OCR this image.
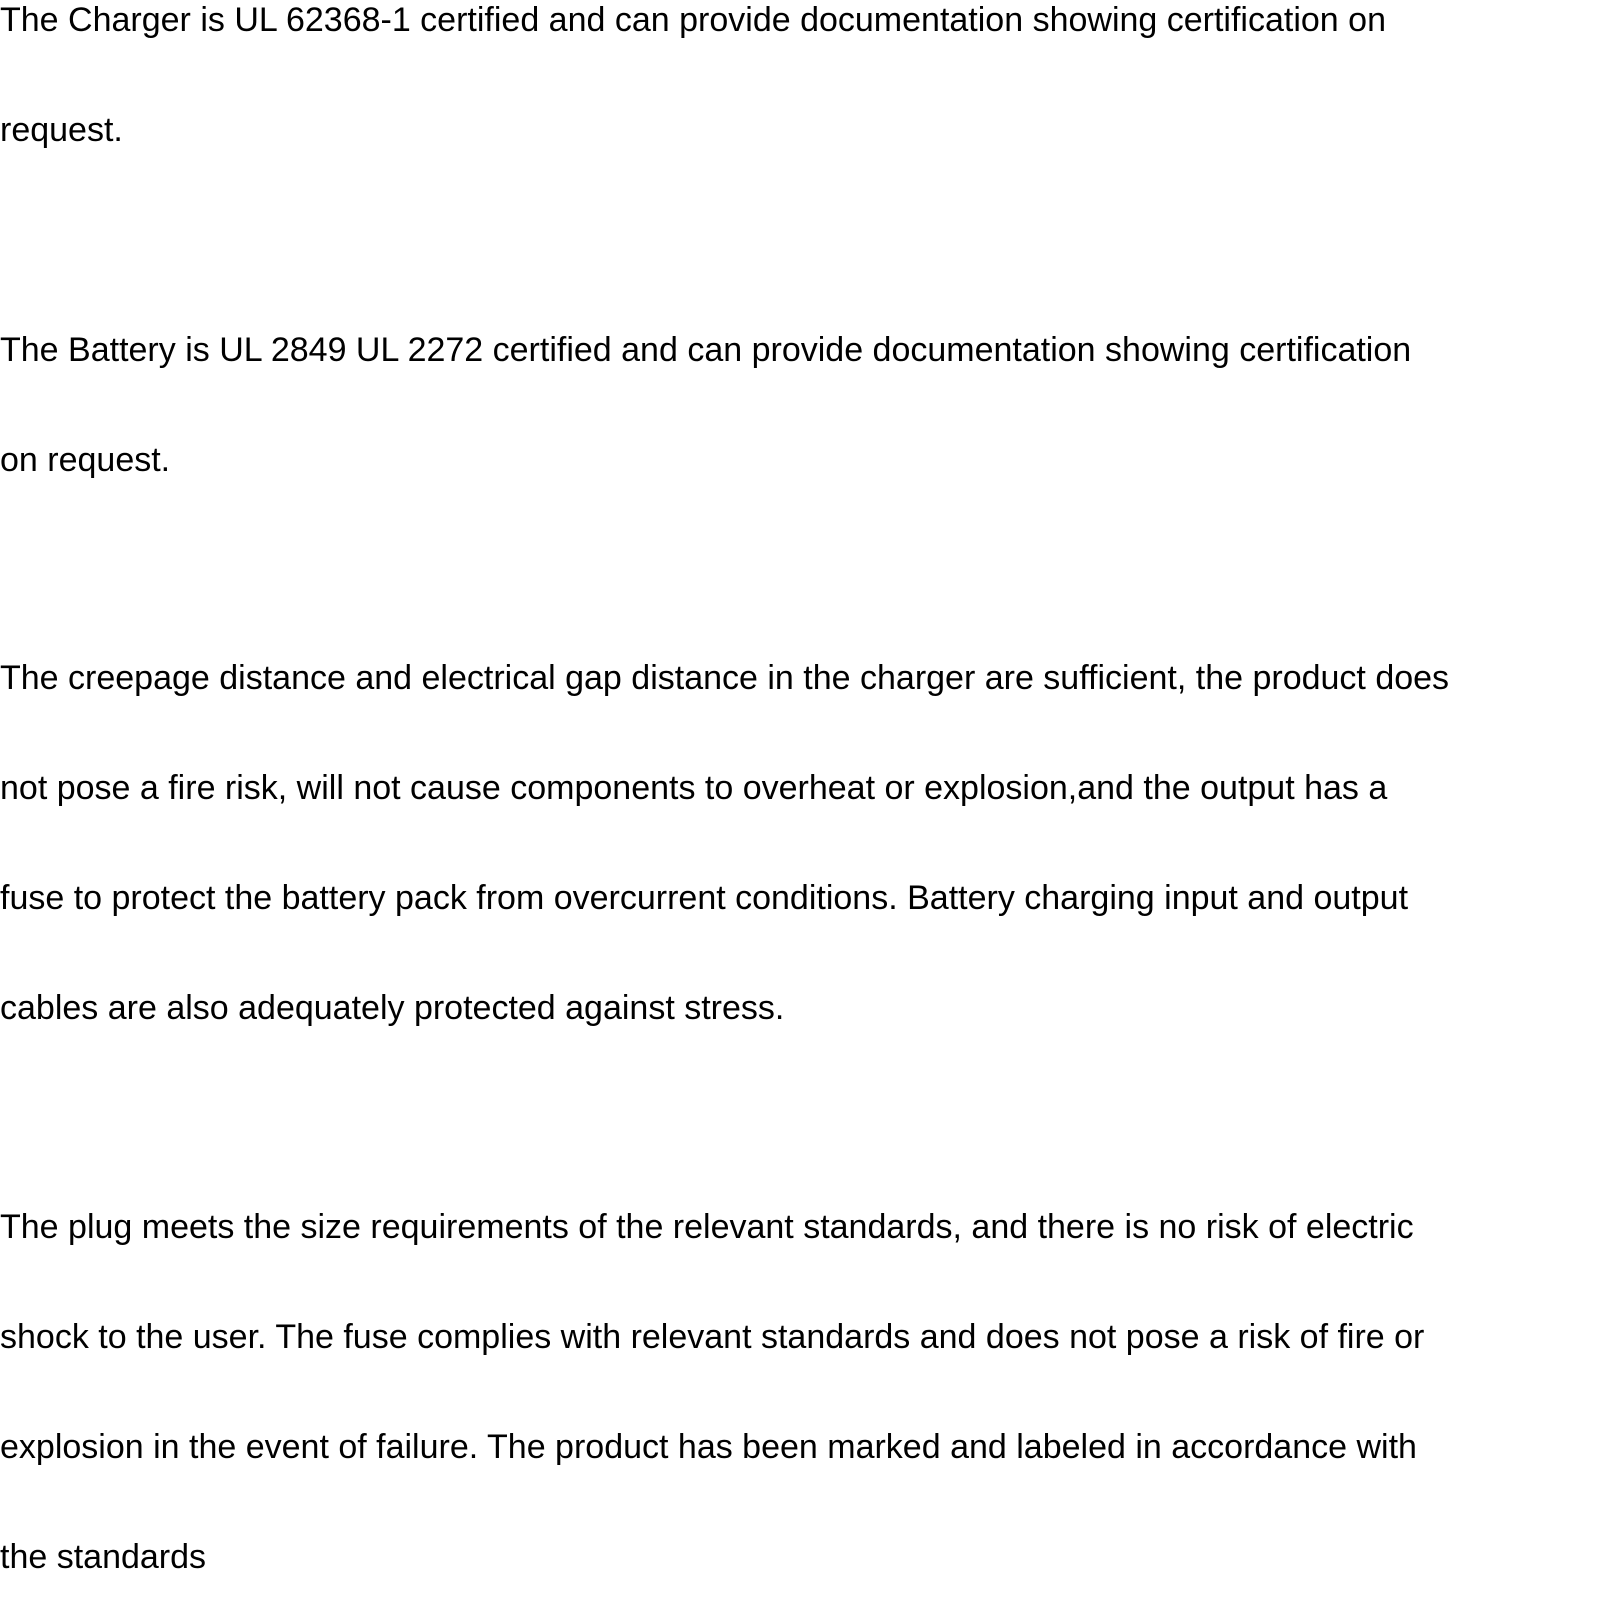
The Charger is UL 62368-1 certified and can provide documentation showing certification on
request.
The Battery is UL 2849 UL 2272 certified and can provide documentation showing certification
on request.
The creepage distance and electrical gap distance in the charger are sufficient, the product does
not pose a fire risk, will not cause components to overheat or explosion,and the output has a
fuse to protect the battery pack from overcurrent conditions. Battery charging input and output
cables are also adequately protected against stress.
The plug meets the size requirements of the relevant standards, and there is no risk of electric
shock to the user. The fuse complies with relevant standards and does not pose a risk of fire or
explosion in the event of failure. The product has been marked and labeled in accordance with
the standards
